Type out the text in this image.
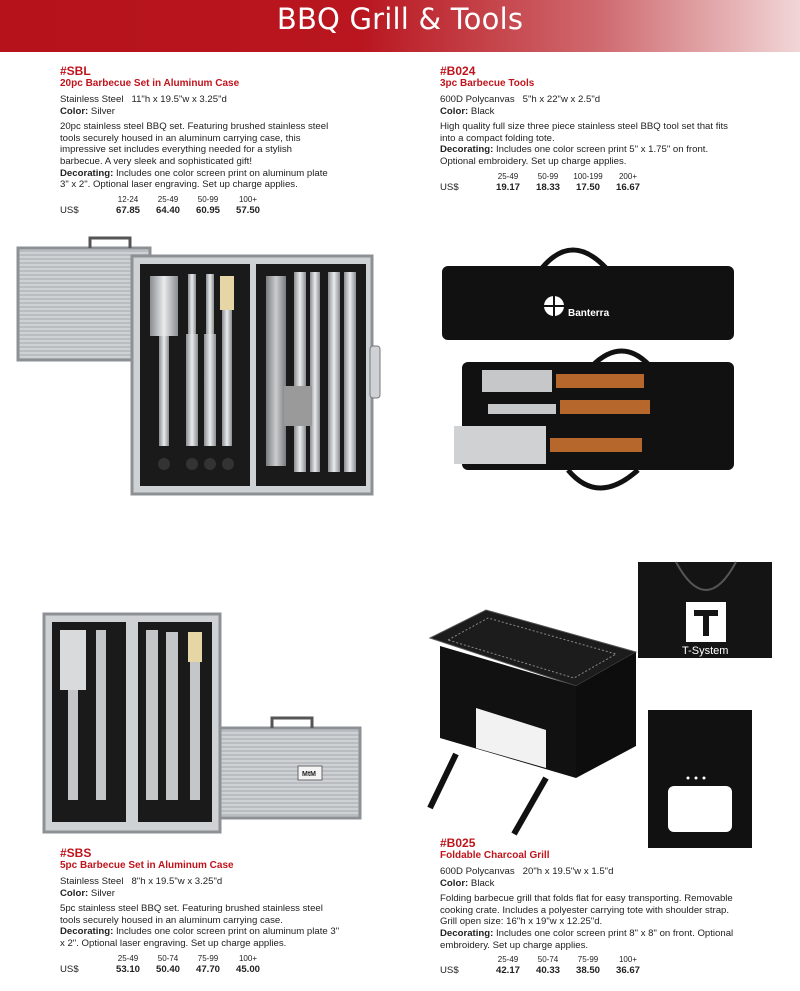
BBQ Grill & Tools
#SBL
20pc Barbecue Set in Aluminum Case
Stainless Steel 11"h x 19.5"w x 3.25"d
Color: Silver
20pc stainless steel BBQ set. Featuring brushed stainless steel tools securely housed in an aluminum carrying case, this impressive set includes everything needed for a stylish barbecue. A very sleek and sophisticated gift!
Decorating: Includes one color screen print on aluminum plate 3" x 2". Optional laser engraving. Set up charge applies.
	12-24	25-49	50-99	100+
US$	67.85	64.40	60.95	57.50
#B024
3pc Barbecue Tools
600D Polycanvas 5"h x 22"w x 2.5"d
Color: Black
High quality full size three piece stainless steel BBQ tool set that fits into a compact folding tote.
Decorating: Includes one color screen print 5" x 1.75" on front. Optional embroidery. Set up charge applies.
	25-49	50-99	100-199	200+
US$	19.17	18.33	17.50	16.67
Banterra
MtM
T-System
#SBS
5pc Barbecue Set in Aluminum Case
Stainless Steel 8"h x 19.5"w x 3.25"d
Color: Silver
5pc stainless steel BBQ set. Featuring brushed stainless steel tools securely housed in an aluminum carrying case.
Decorating: Includes one color screen print on aluminum plate 3" x 2". Optional laser engraving. Set up charge applies.
	25-49	50-74	75-99	100+
US$	53.10	50.40	47.70	45.00
#B025
Foldable Charcoal Grill
600D Polycanvas 20"h x 19.5"w x 1.5"d
Color: Black
Folding barbecue grill that folds flat for easy transporting. Removable cooking crate. Includes a polyester carrying tote with shoulder strap. Grill open size: 16"h x 19"w x 12.25"d.
Decorating: Includes one color screen print 8" x 8" on front. Optional embroidery. Set up charge applies.
	25-49	50-74	75-99	100+
US$	42.17	40.33	38.50	36.67
